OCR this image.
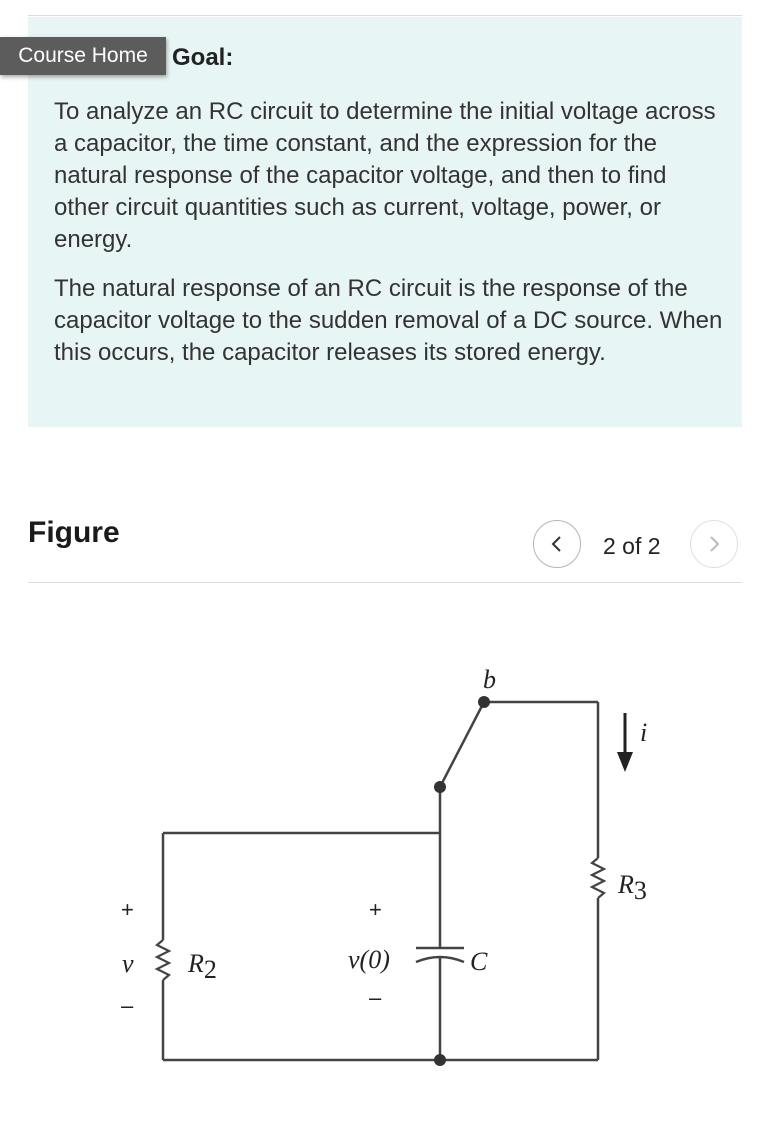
Course Home	Goal:

To analyze an RC circuit to determine the initial voltage across a capacitor, the time constant, and the expression for the natural response of the capacitor voltage, and then to find other circuit quantities such as current, voltage, power, or energy.

The natural response of an RC circuit is the response of the capacitor voltage to the sudden removal of a DC source. When this occurs, the capacitor releases its stored energy.

Figure	2 of 2
b
i
R3
R2	C
v(0)
v
+
–
+
–
